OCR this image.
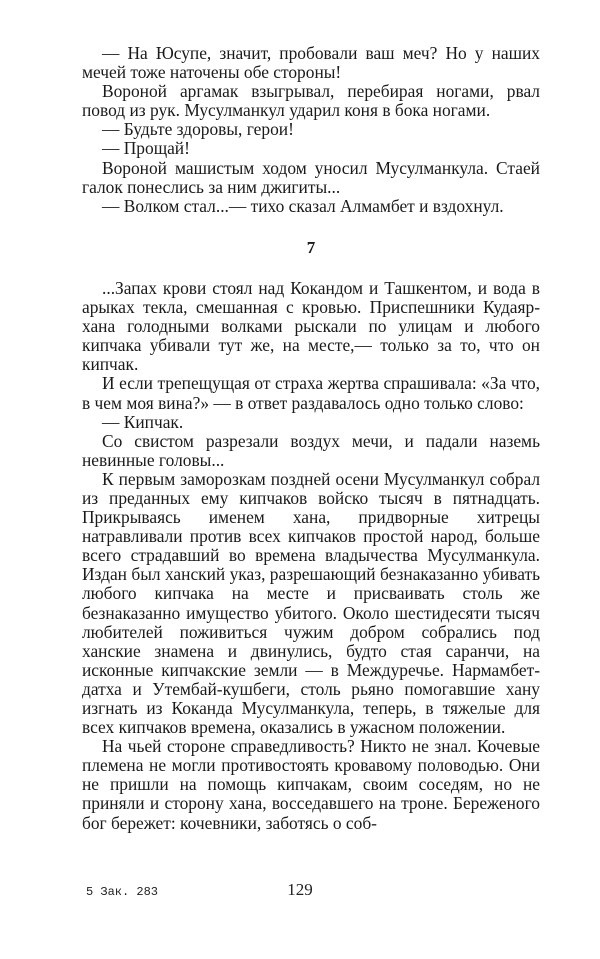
— На Юсупе, значит, пробовали ваш меч? Но у наших мечей тоже наточены обе стороны!

Вороной аргамак взыгрывал, перебирая ногами, рвал повод из рук. Мусулманкул ударил коня в бока ногами.

— Будьте здоровы, герои!

— Прощай!

Вороной машистым ходом уносил Мусулманкула. Стаей галок понеслись за ним джигиты...

— Волком стал...— тихо сказал Алмамбет и вздохнул.

7

...Запах крови стоял над Кокандом и Ташкентом, и вода в арыках текла, смешанная с кровью. Приспешники Кудаяр-хана голодными волками рыскали по улицам и любого кипчака убивали тут же, на месте,— только за то, что он кипчак.

И если трепещущая от страха жертва спрашивала: «За что, в чем моя вина?» — в ответ раздавалось одно только слово:

— Кипчак.

Со свистом разрезали воздух мечи, и падали наземь невинные головы...

К первым заморозкам поздней осени Мусулманкул собрал из преданных ему кипчаков войско тысяч в пятнадцать. Прикрываясь именем хана, придворные хитрецы натравливали против всех кипчаков простой народ, больше всего страдавший во времена владычества Мусулманкула. Издан был ханский указ, разрешающий безнаказанно убивать любого кипчака на месте и присваивать столь же безнаказанно имущество убитого. Около шестидесяти тысяч любителей поживиться чужим добром собрались под ханские знамена и двинулись, будто стая саранчи, на исконные кипчакские земли — в Междуречье. Нармамбет-датха и Утембай-кушбеги, столь рьяно помогавшие хану изгнать из Коканда Мусулманкула, теперь, в тяжелые для всех кипчаков времена, оказались в ужасном положении.

На чьей стороне справедливость? Никто не знал. Кочевые племена не могли противостоять кровавому половодью. Они не пришли на помощь кипчакам, своим соседям, но не приняли и сторону хана, восседавшего на троне. Береженого бог бережет: кочевники, заботясь о соб-

5 Зак. 283	129
